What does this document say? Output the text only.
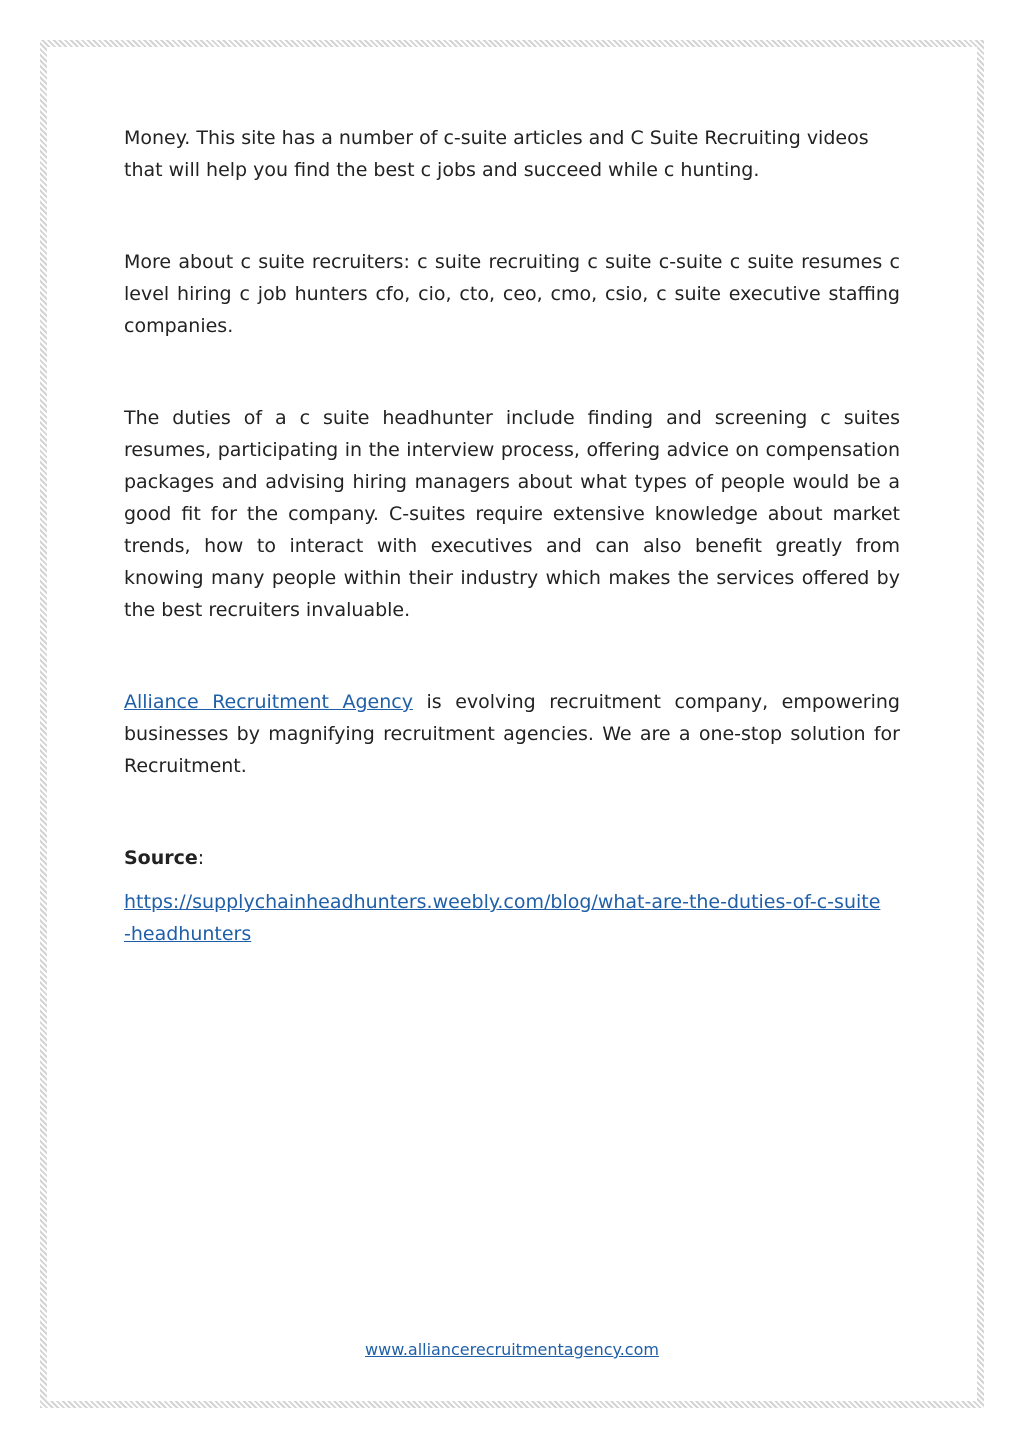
Money. This site has a number of c-suite articles and C Suite Recruiting videos that will help you find the best c jobs and succeed while c hunting.

More about c suite recruiters: c suite recruiting c suite c-suite c suite resumes c level hiring c job hunters cfo, cio, cto, ceo, cmo, csio, c suite executive staffing companies.

The duties of a c suite headhunter include finding and screening c suites resumes, participating in the interview process, offering advice on compensation packages and advising hiring managers about what types of people would be a good fit for the company. C-suites require extensive knowledge about market trends, how to interact with executives and can also benefit greatly from knowing many people within their industry which makes the services offered by the best recruiters invaluable.

Alliance Recruitment Agency is evolving recruitment company, empowering businesses by magnifying recruitment agencies. We are a one-stop solution for Recruitment.

Source:
https://supplychainheadhunters.weebly.com/blog/what-are-the-duties-of-c-suite-headhunters
www.alliancerecruitmentagency.com
